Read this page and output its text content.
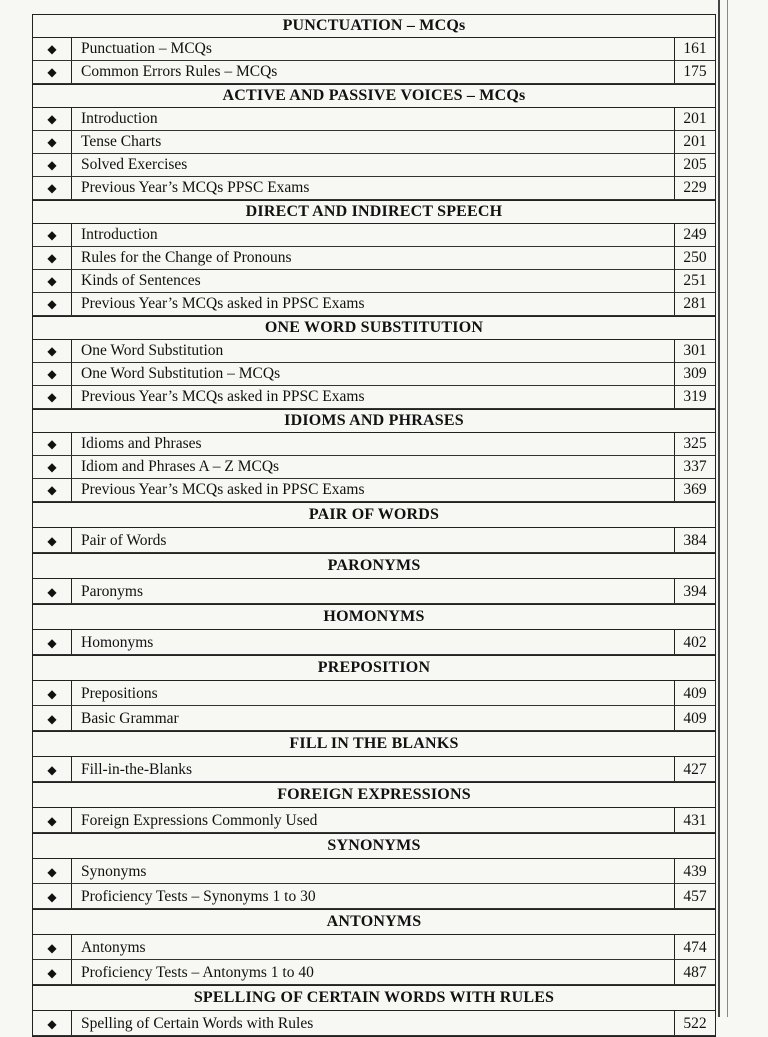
PUNCTUATION – MCQs
◆	Punctuation – MCQs	161
◆	Common Errors Rules – MCQs	175
ACTIVE AND PASSIVE VOICES – MCQs
◆	Introduction	201
◆	Tense Charts	201
◆	Solved Exercises	205
◆	Previous Year’s MCQs PPSC Exams	229
DIRECT AND INDIRECT SPEECH
◆	Introduction	249
◆	Rules for the Change of Pronouns	250
◆	Kinds of Sentences	251
◆	Previous Year’s MCQs asked in PPSC Exams	281
ONE WORD SUBSTITUTION
◆	One Word Substitution	301
◆	One Word Substitution – MCQs	309
◆	Previous Year’s MCQs asked in PPSC Exams	319
IDIOMS AND PHRASES
◆	Idioms and Phrases	325
◆	Idiom and Phrases A – Z MCQs	337
◆	Previous Year’s MCQs asked in PPSC Exams	369
PAIR OF WORDS
◆	Pair of Words	384
PARONYMS
◆	Paronyms	394
HOMONYMS
◆	Homonyms	402
PREPOSITION
◆	Prepositions	409
◆	Basic Grammar	409
FILL IN THE BLANKS
◆	Fill-in-the-Blanks	427
FOREIGN EXPRESSIONS
◆	Foreign Expressions Commonly Used	431
SYNONYMS
◆	Synonyms	439
◆	Proficiency Tests – Synonyms 1 to 30	457
ANTONYMS
◆	Antonyms	474
◆	Proficiency Tests – Antonyms 1 to 40	487
SPELLING OF CERTAIN WORDS WITH RULES
◆	Spelling of Certain Words with Rules	522
